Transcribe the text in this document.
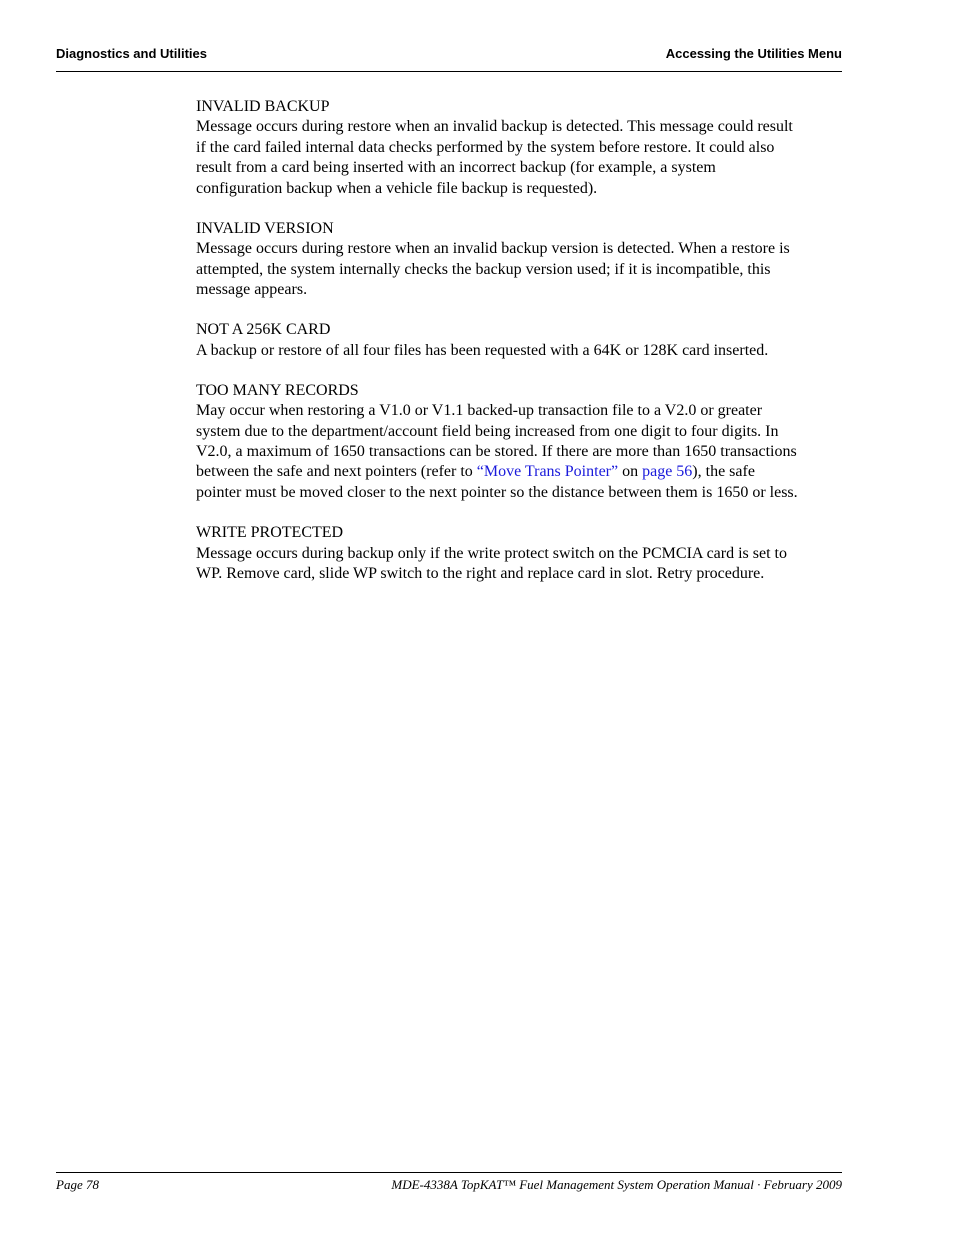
Diagnostics and Utilities	Accessing the Utilities Menu
INVALID BACKUP
Message occurs during restore when an invalid backup is detected. This message could result
if the card failed internal data checks performed by the system before restore. It could also
result from a card being inserted with an incorrect backup (for example, a system
configuration backup when a vehicle file backup is requested).
INVALID VERSION
Message occurs during restore when an invalid backup version is detected. When a restore is
attempted, the system internally checks the backup version used; if it is incompatible, this
message appears.
NOT A 256K CARD
A backup or restore of all four files has been requested with a 64K or 128K card inserted.
TOO MANY RECORDS
May occur when restoring a V1.0 or V1.1 backed-up transaction file to a V2.0 or greater
system due to the department/account field being increased from one digit to four digits. In
V2.0, a maximum of 1650 transactions can be stored. If there are more than 1650 transactions
between the safe and next pointers (refer to “Move Trans Pointer” on page 56), the safe
pointer must be moved closer to the next pointer so the distance between them is 1650 or less.
WRITE PROTECTED
Message occurs during backup only if the write protect switch on the PCMCIA card is set to
WP. Remove card, slide WP switch to the right and replace card in slot. Retry procedure.
Page 78	MDE-4338A TopKAT™ Fuel Management System Operation Manual · February 2009
